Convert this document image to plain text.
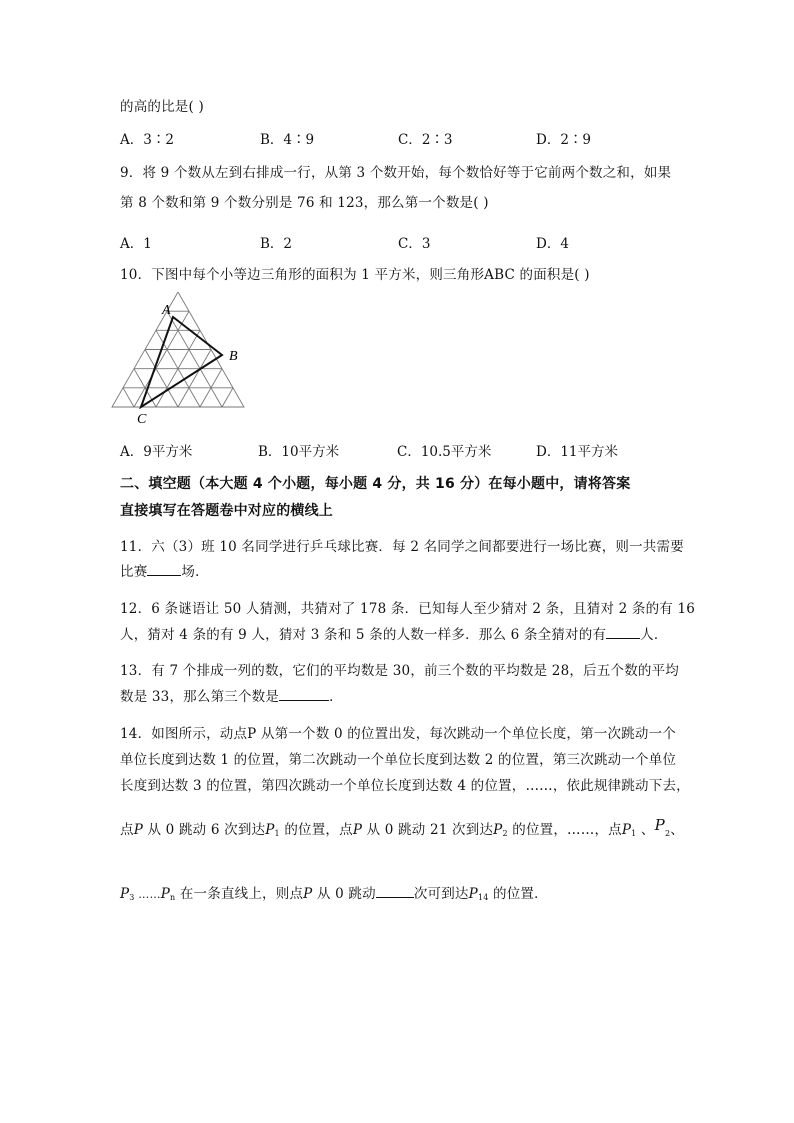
的高的比是( )
A．3∶2	B．4∶9	C．2∶3	D．2∶9
9．将 9 个数从左到右排成一行，从第 3 个数开始，每个数恰好等于它前两个数之和，如果
第 8 个数和第 9 个数分别是 76 和 123，那么第一个数是( )
A．1	B．2	C．3	D．4
10．下图中每个小等边三角形的面积为 1 平方米，则三角形ABC 的面积是( )
A
B
C
A．9平方米	B．10平方米	C．10.5平方米	D．11平方米
二、填空题（本大题 4 个小题，每小题 4 分，共 16 分）在每小题中，请将答案
直接填写在答题卷中对应的横线上
11．六（3）班 10 名同学进行乒乓球比赛．每 2 名同学之间都要进行一场比赛，则一共需要
比赛	场．
12．6 条谜语让 50 人猜测，共猜对了 178 条．已知每人至少猜对 2 条，且猜对 2 条的有 16
人，猜对 4 条的有 9 人，猜对 3 条和 5 条的人数一样多．那么 6 条全猜对的有	人．
13．有 7 个排成一列的数，它们的平均数是 30，前三个数的平均数是 28，后五个数的平均
数是 33，那么第三个数是	．
14．如图所示，动点P 从第一个数 0 的位置出发，每次跳动一个单位长度，第一次跳动一个
单位长度到达数 1 的位置，第二次跳动一个单位长度到达数 2 的位置，第三次跳动一个单位
长度到达数 3 的位置，第四次跳动一个单位长度到达数 4 的位置，……，依此规律跳动下去，
点P 从 0 跳动 6 次到达$P_1$ 的位置，点P 从 0 跳动 21 次到达$P_2$ 的位置，……，点$P_1$ 、$P_2$、
$P_3$ $\dots\dots P_n$ 在一条直线上，则点P 从 0 跳动	次可到达$P_{14}$ 的位置．
